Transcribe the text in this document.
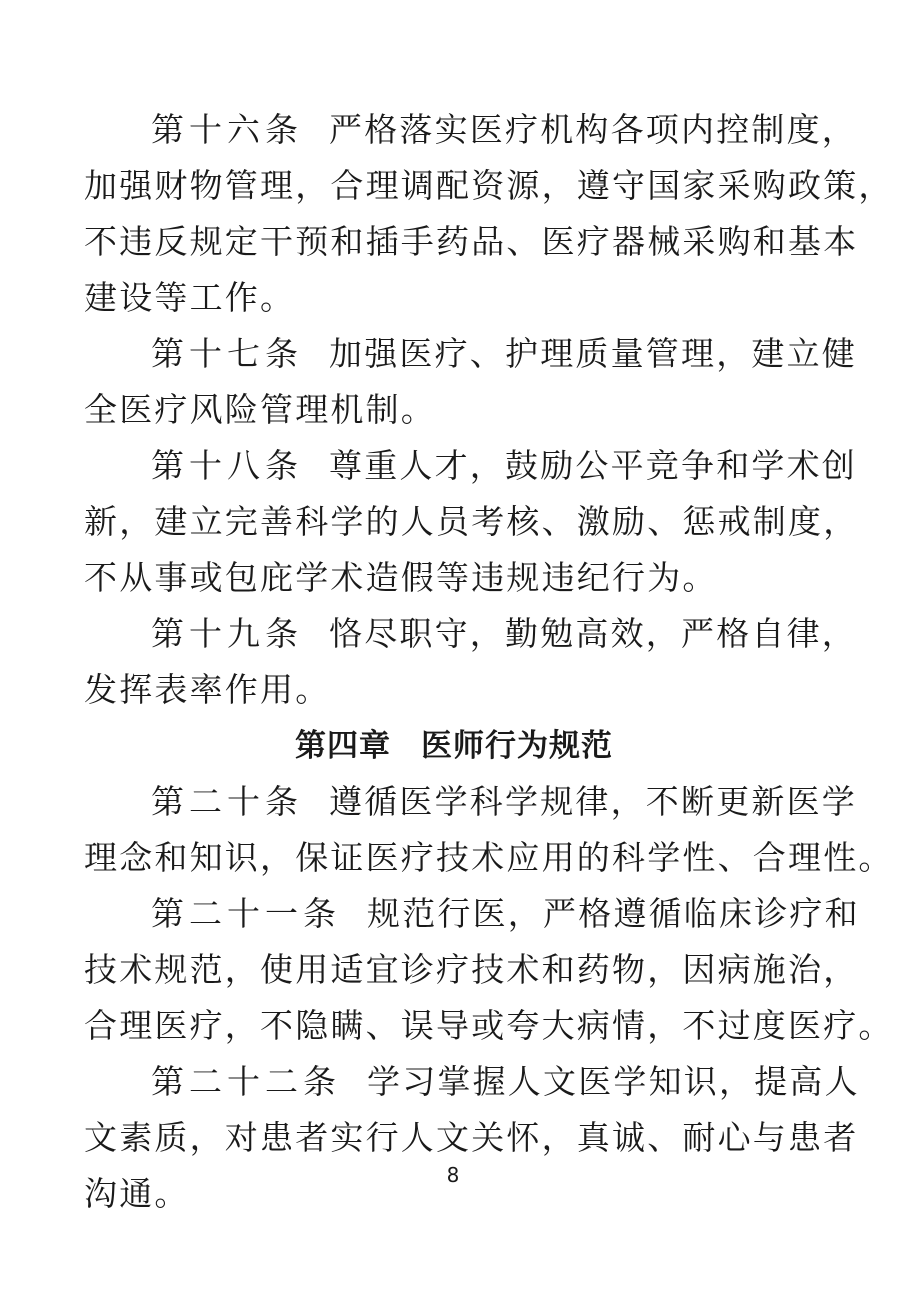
第十六条 严格落实医疗机构各项内控制度，
加强财物管理，合理调配资源，遵守国家采购政策，
不违反规定干预和插手药品、医疗器械采购和基本
建设等工作。
第十七条 加强医疗、护理质量管理，建立健
全医疗风险管理机制。
第十八条 尊重人才，鼓励公平竞争和学术创
新，建立完善科学的人员考核、激励、惩戒制度，
不从事或包庇学术造假等违规违纪行为。
第十九条 恪尽职守，勤勉高效，严格自律，
发挥表率作用。
第四章 医师行为规范
第二十条 遵循医学科学规律，不断更新医学
理念和知识，保证医疗技术应用的科学性、合理性。
第二十一条 规范行医，严格遵循临床诊疗和
技术规范，使用适宜诊疗技术和药物，因病施治，
合理医疗，不隐瞒、误导或夸大病情，不过度医疗。
第二十二条 学习掌握人文医学知识，提高人
文素质，对患者实行人文关怀，真诚、耐心与患者
沟通。	8
